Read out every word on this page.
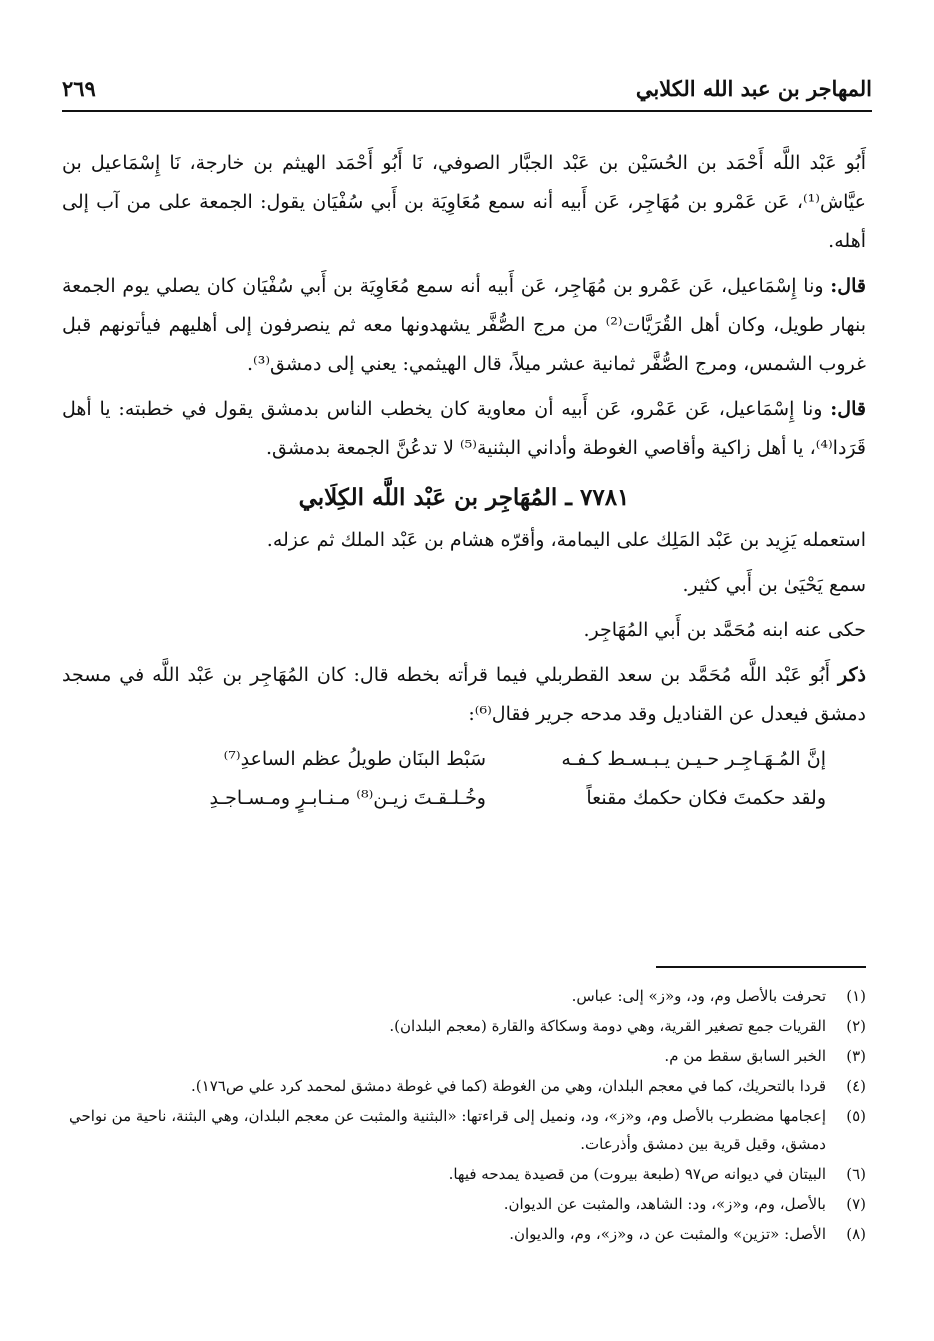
المهاجر بن عبد الله الكلابي
٢٦٩

أَبُو عَبْد اللَّه أَحْمَد بن الحُسَيْن بن عَبْد الجبَّار الصوفي، نَا أَبُو أَحْمَد الهيثم بن خارجة، نَا إِسْمَاعيل بن عيَّاش⁽¹⁾، عَن عَمْرو بن مُهَاجِر، عَن أَبيه أنه سمع مُعَاوِيَة بن أَبي سُفْيَان يقول: الجمعة على من آب إلى أهله.

قال: ونا إِسْمَاعيل، عَن عَمْرو بن مُهَاجِر، عَن أَبيه أنه سمع مُعَاوِيَة بن أَبي سُفْيَان كان يصلي يوم الجمعة بنهار طويل، وكان أهل القُرَيَّات⁽²⁾ من مرج الصُّفَّر يشهدونها معه ثم ينصرفون إلى أهليهم فيأتونهم قبل غروب الشمس، ومرج الصُّفَّر ثمانية عشر ميلاً، قال الهيثمي: يعني إلى دمشق⁽³⁾.

قال: ونا إِسْمَاعيل، عَن عَمْرو، عَن أَبيه أن معاوية كان يخطب الناس بدمشق يقول في خطبته: يا أهل قَرَدا⁽⁴⁾، يا أهل زاكية وأقاصي الغوطة وأداني البثنية⁽⁵⁾ لا تدعُنَّ الجمعة بدمشق.

٧٧٨١ ـ المُهَاجِر بن عَبْد اللَّه الكِلَابي

استعمله يَزِيد بن عَبْد المَلِك على اليمامة، وأقرّه هشام بن عَبْد الملك ثم عزله.

سمع يَحْيَىٰ بن أَبي كثير.

حكى عنه ابنه مُحَمَّد بن أَبي المُهَاجِر.

ذكر أَبُو عَبْد اللَّه مُحَمَّد بن سعد القطربلي فيما قرأته بخطه قال: كان المُهَاجِر بن عَبْد اللَّه في مسجد دمشق فيعدل عن القناديل وقد مدحه جرير فقال⁽⁶⁾:

إنَّ المُـهَـاجِـر حـيـن يـبـسـط كـفـه
سَبْط البنَان طويلُ عظم الساعدِ⁽⁷⁾
ولقد حكمتَ فكان حكمك مقنعاً
وخُـلـقـتَ زيـن⁽⁸⁾ مـنـابـرٍ ومـسـاجـدِ
(١)
تحرفت بالأصل وم، ود، و«ز» إلى: عباس.
(٢)
القريات جمع تصغير القرية، وهي دومة وسكاكة والقارة (معجم البلدان).
(٣)
الخبر السابق سقط من م.
(٤)
قردا بالتحريك، كما في معجم البلدان، وهي من الغوطة (كما في غوطة دمشق لمحمد كرد علي ص١٧٦).
(٥)
إعجامها مضطرب بالأصل وم، و«ز»، ود، ونميل إلى قراءتها: «البثنية والمثبت عن معجم البلدان، وهي البثنة، ناحية من نواحي دمشق، وقيل قرية بين دمشق وأذرعات.
(٦)
البيتان في ديوانه ص٩٧ (طبعة بيروت) من قصيدة يمدحه فيها.
(٧)
بالأصل، وم، و«ز»، ود: الشاهد، والمثبت عن الديوان.
(٨)
الأصل: «تزين» والمثبت عن د، و«ز»، وم، والديوان.
